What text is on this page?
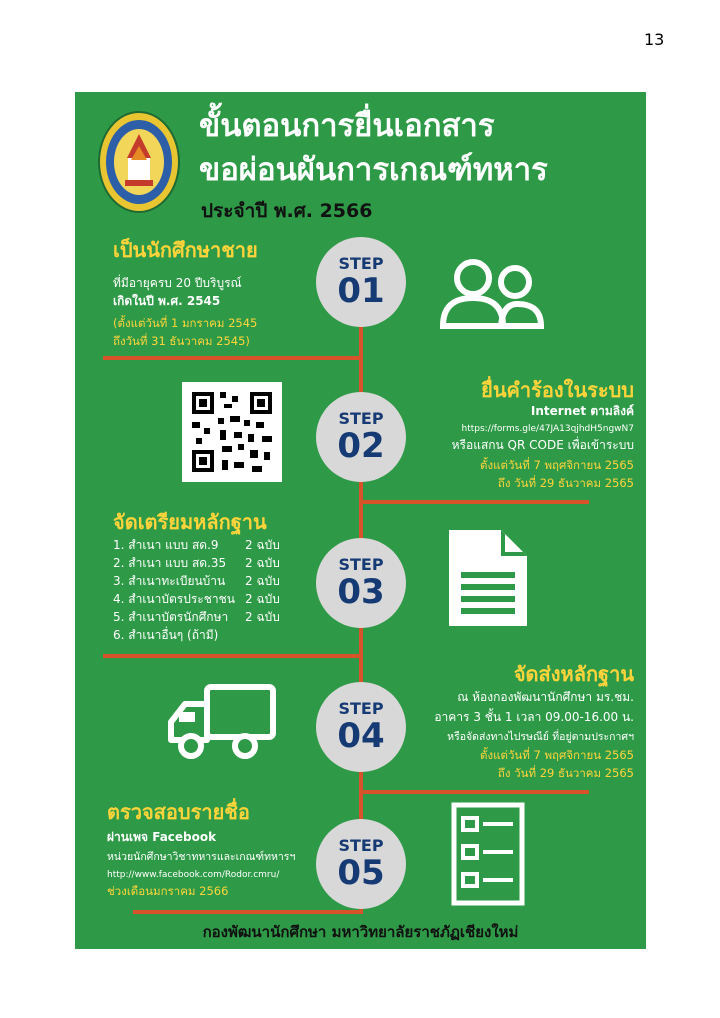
13
ขั้นตอนการยื่นเอกสาร
ขอผ่อนผันการเกณฑ์ทหาร
ประจำปี พ.ศ. 2566
เป็นนักศึกษาชาย
ที่มีอายุครบ 20 ปีบริบูรณ์
เกิดในปี พ.ศ. 2545
(ตั้งแต่วันที่ 1 มกราคม 2545
ถึงวันที่ 31 ธันวาคม 2545)
STEP
01
STEP
02
ยื่นคำร้องในระบบ
Internet ตามลิงค์
https://forms.gle/47JA13qjhdH5ngwN7
หรือแสกน QR CODE เพื่อเข้าระบบ
ตั้งแต่วันที่ 7 พฤศจิกายน 2565
ถึง วันที่ 29 ธันวาคม 2565
จัดเตรียมหลักฐาน
1. สำเนา แบบ สด.9	2 ฉบับ
2. สำเนา แบบ สด.35	2 ฉบับ
3. สำเนาทะเบียนบ้าน	2 ฉบับ
4. สำเนาบัตรประชาชน 2 ฉบับ
5. สำเนาบัตรนักศึกษา	2 ฉบับ
6. สำเนาอื่นๆ (ถ้ามี)
STEP
03
STEP
04
จัดส่งหลักฐาน
ณ ห้องกองพัฒนานักศึกษา มร.ชม.
อาคาร 3 ชั้น 1 เวลา 09.00-16.00 น.
หรือจัดส่งทางไปรษณีย์ ที่อยู่ตามประกาศฯ
ตั้งแต่วันที่ 7 พฤศจิกายน 2565
ถึง วันที่ 29 ธันวาคม 2565
ตรวจสอบรายชื่อ
ผ่านเพจ Facebook
หน่วยนักศึกษาวิชาทหารและเกณฑ์ทหารฯ
http://www.facebook.com/Rodor.cmru/
ช่วงเดือนมกราคม 2566
STEP
05
กองพัฒนานักศึกษา มหาวิทยาลัยราชภัฏเชียงใหม่
